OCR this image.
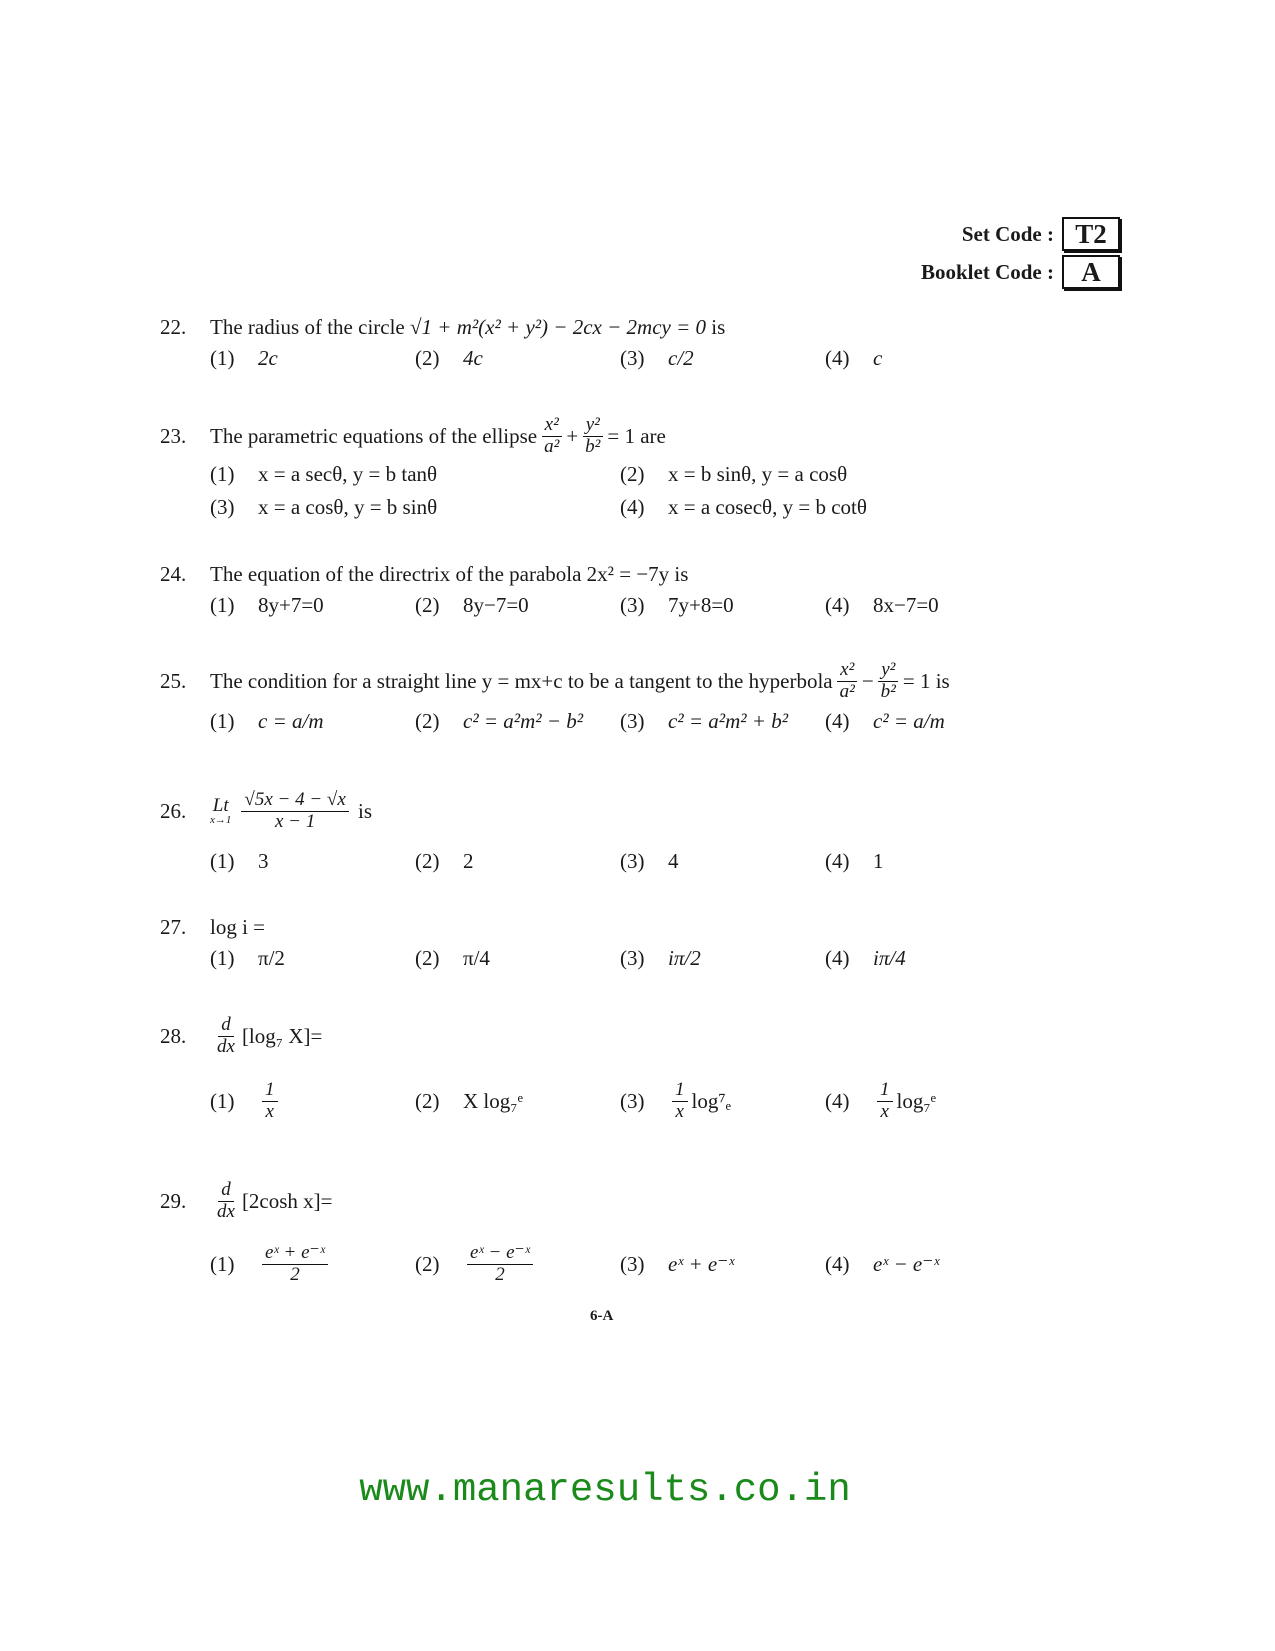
Set Code : T2
Booklet Code :	A
22.	The radius of the circle
√1 + m²(x² + y²) − 2cx − 2mcy = 0
is
(1)	2c	(2)	4c	(3)	c/2	(4)	c
23.	The parametric equations of the ellipse $\frac{\text{x²}}{\text{a²}} + \frac{\text{y²}}{\text{b²}} = 1$ are
(1)	x = a secθ, y = b tanθ	(2)	x = b sinθ, y = a cosθ
(3)	x = a cosθ, y = b sinθ	(4)	x = a cosecθ, y = b cotθ
24.	The equation of the directrix of the parabola 2x² = −7y is
(1)	8y+7=0	(2)	8y−7=0	(3)	7y+8=0	(4)	8x−7=0
25.	The condition for a straight line y = mx+c to be a tangent to the hyperbola $\frac{\text{x²}}{\text{a²}} - \frac{\text{y²}}{\text{b²}} = 1$ is
(1)	c = a/m	(2)	c² = a²m² − b² (3)	c² = a²m² + b² (4)	c² = a/m
26.	Lt
$x\to 1 \frac{√5x - 4 - √x}{x - 1}$
is
(1)	3	(2)	2	(3)	4	(4)	1
27.	log i =
(1)	π/2	(2)	π/4	(3)	iπ/2	(4)	iπ/4
28.	$\frac{d}{dx} [\log_7$ X]=
(1)	$\frac{1}{x}$	(2)	X log₇ᵉ	(3)	$\frac{1}{x} \log^7_e$	(4)	$\frac{1}{x}$ log₇ᵉ
29.	$\frac{d}{dx} [2\cosh$ x]=
(1)	$\frac{\text{eˣ + e⁻ˣ}}{2}$	(2)	$\frac{\text{eˣ − e⁻ˣ}}{2}$	(3)	eˣ + e⁻ˣ	(4)	eˣ − e⁻ˣ
6-A
www.manaresults.co.in
